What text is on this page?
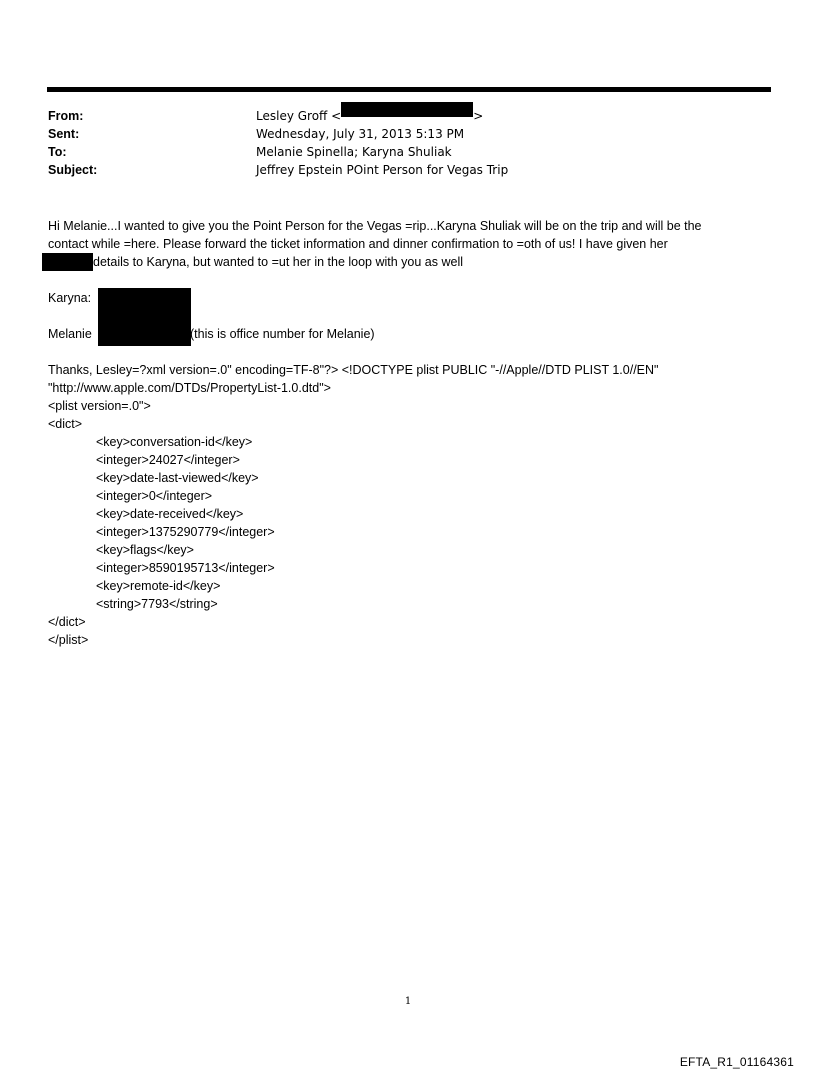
From:	Lesley Groff <	>
Sent:	Wednesday, July 31, 2013 5:13 PM
To:	Melanie Spinella; Karyna Shuliak
Subject:	Jeffrey Epstein POint Person for Vegas Trip
Hi Melanie...I wanted to give you the Point Person for the Vegas =rip...Karyna Shuliak will be on the trip and will be the
contact while =here. Please forward the ticket information and dinner confirmation to =oth of us! I have given her
details to Karyna, but wanted to =ut her in the loop with you as well
Karyna:
Melanie	(this is office number for Melanie)
Thanks, Lesley=?xml version=.0" encoding=TF-8"?> <!DOCTYPE plist PUBLIC "-//Apple//DTD PLIST 1.0//EN"
"http://www.apple.com/DTDs/PropertyList-1.0.dtd">
<plist version=.0">
<dict>
<key>conversation-id</key>
<integer>24027</integer>
<key>date-last-viewed</key>
<integer>0</integer>
<key>date-received</key>
<integer>1375290779</integer>
<key>flags</key>
<integer>8590195713</integer>
<key>remote-id</key>
<string>7793</string>
</dict>
</plist>
1
EFTA_R1_01164361
